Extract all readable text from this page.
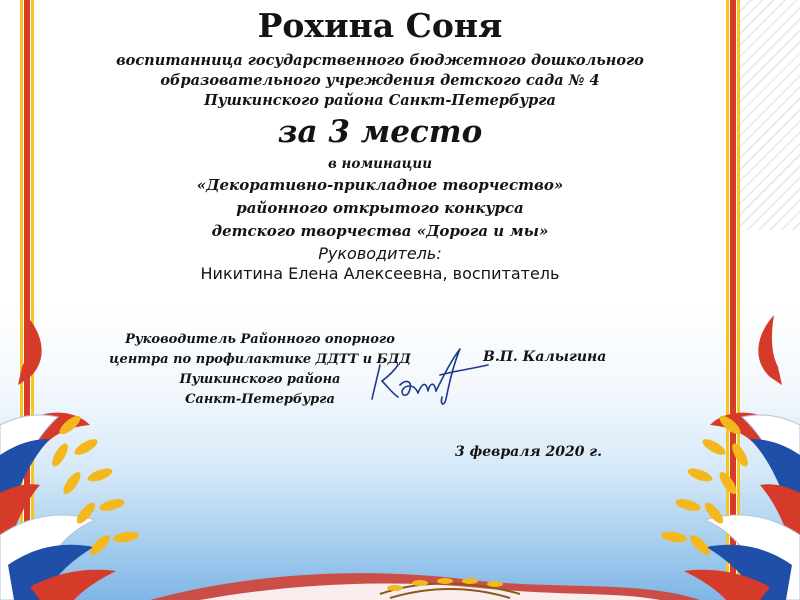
Рохина Соня
воспитанница государственного бюджетного дошкольного
образовательного учреждения детского сада № 4
Пушкинского района Санкт-Петербурга
за 3 место
в номинации
«Декоративно-прикладное творчество»
районного открытого конкурса
детского творчества «Дорога и мы»
Руководитель:
Никитина Елена Алексеевна, воспитатель
Руководитель Районного опорного
центра по профилактике ДДТТ и БДД
Пушкинского района
Санкт-Петербурга
В.П. Калыгина
3 февраля 2020 г.
